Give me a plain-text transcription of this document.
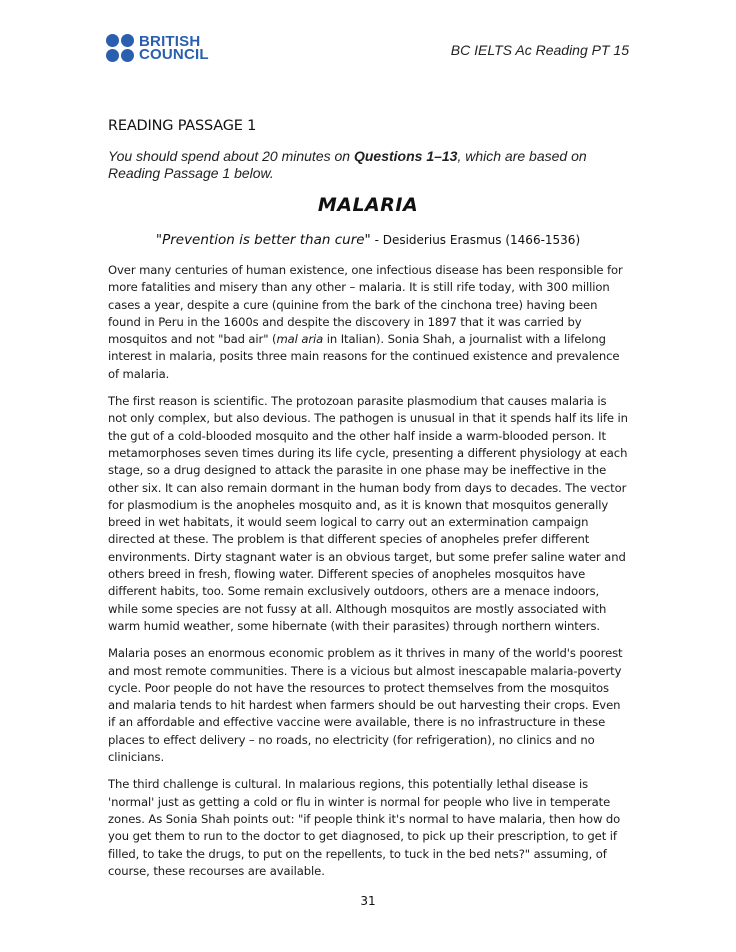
BRITISH
COUNCIL	BC IELTS Ac Reading PT 15
READING PASSAGE 1
You should spend about 20 minutes on Questions 1–13, which are based on Reading Passage 1 below.
MALARIA
"Prevention is better than cure" - Desiderius Erasmus (1466-1536)

Over many centuries of human existence, one infectious disease has been responsible for more fatalities and misery than any other – malaria. It is still rife today, with 300 million cases a year, despite a cure (quinine from the bark of the cinchona tree) having been found in Peru in the 1600s and despite the discovery in 1897 that it was carried by mosquitos and not "bad air" (mal aria in Italian). Sonia Shah, a journalist with a lifelong interest in malaria, posits three main reasons for the continued existence and prevalence of malaria.

The first reason is scientific. The protozoan parasite plasmodium that causes malaria is not only complex, but also devious. The pathogen is unusual in that it spends half its life in the gut of a cold-blooded mosquito and the other half inside a warm-blooded person. It metamorphoses seven times during its life cycle, presenting a different physiology at each stage, so a drug designed to attack the parasite in one phase may be ineffective in the other six. It can also remain dormant in the human body from days to decades. The vector for plasmodium is the anopheles mosquito and, as it is known that mosquitos generally breed in wet habitats, it would seem logical to carry out an extermination campaign directed at these. The problem is that different species of anopheles prefer different environments. Dirty stagnant water is an obvious target, but some prefer saline water and others breed in fresh, flowing water. Different species of anopheles mosquitos have different habits, too. Some remain exclusively outdoors, others are a menace indoors, while some species are not fussy at all. Although mosquitos are mostly associated with warm humid weather, some hibernate (with their parasites) through northern winters.

Malaria poses an enormous economic problem as it thrives in many of the world's poorest and most remote communities. There is a vicious but almost inescapable malaria-poverty cycle. Poor people do not have the resources to protect themselves from the mosquitos and malaria tends to hit hardest when farmers should be out harvesting their crops. Even if an affordable and effective vaccine were available, there is no infrastructure in these places to effect delivery – no roads, no electricity (for refrigeration), no clinics and no clinicians.

The third challenge is cultural. In malarious regions, this potentially lethal disease is 'normal' just as getting a cold or flu in winter is normal for people who live in temperate zones. As Sonia Shah points out: "if people think it's normal to have malaria, then how do you get them to run to the doctor to get diagnosed, to pick up their prescription, to get if filled, to take the drugs, to put on the repellents, to tuck in the bed nets?" assuming, of course, these recourses are available.

31
